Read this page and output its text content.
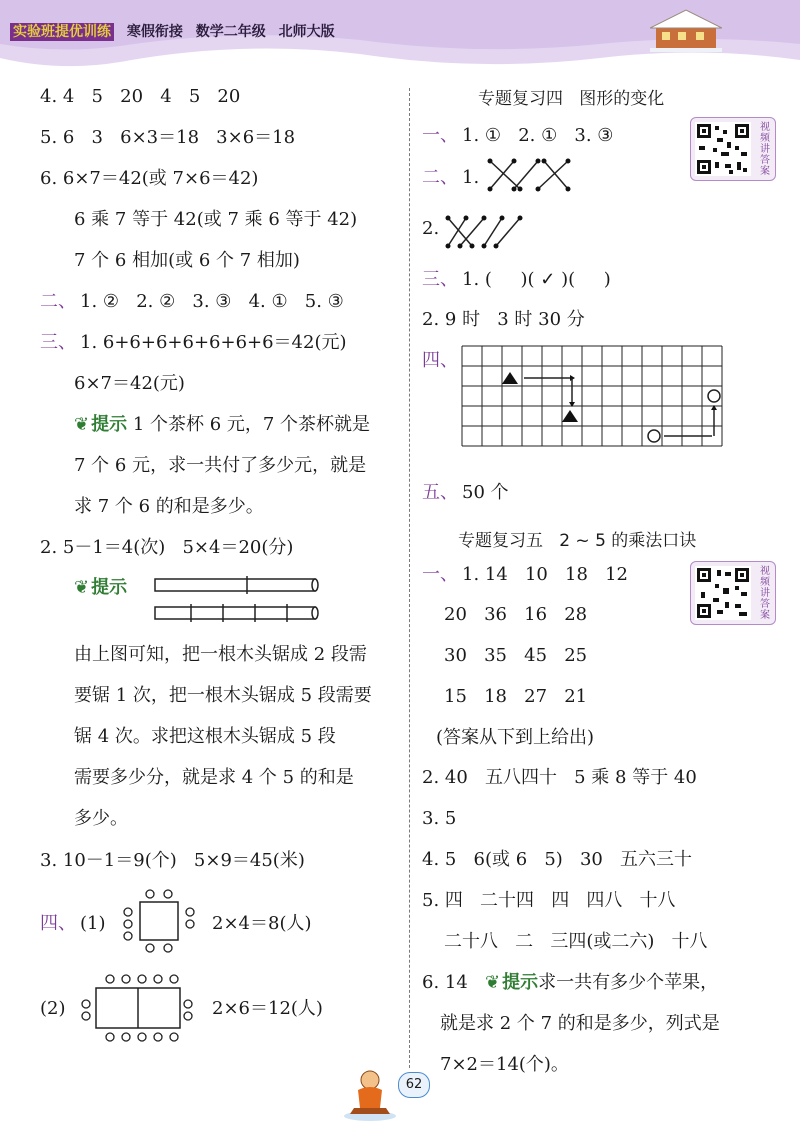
实验班提优训练 寒假衔接 数学二年级 北师大版
4. 4   5   20   4   5   20
5. 6   3   6×3＝18   3×6＝18
6. 6×7＝42(或 7×6＝42)
6 乘 7 等于 42(或 7 乘 6 等于 42)
7 个 6 相加(或 6 个 7 相加)
二、 1. ②   2. ②   3. ③   4. ①   5. ③
三、 1. 6+6+6+6+6+6+6＝42(元)
6×7＝42(元)
❦ 提示 1 个茶杯 6 元，7 个茶杯就是
7 个 6 元，求一共付了多少元，就是
求 7 个 6 的和是多少。
2. 5－1＝4(次)   5×4＝20(分)
❦ 提示
由上图可知，把一根木头锯成 2 段需
要锯 1 次，把一根木头锯成 5 段需要
锯 4 次。求把这根木头锯成 5 段
需要多少分，就是求 4 个 5 的和是
多少。
3. 10－1＝9(个)   5×9＝45(米)
四、 (1)	2×4＝8(人)
(2)	2×6＝12(人)
专题复习四   图形的变化
视频讲答案
一、 1. ①   2. ①   3. ③
二、 1.
2.
三、 1. (     )( ✓ )(     )
2. 9 时   3 时 30 分
四、
五、 50 个
专题复习五   2 ~ 5 的乘法口诀
视频讲答案
一、 1. 14   10   18   12
20   36   16   28
30   35   45   25
15   18   27   21
(答案从下到上给出)
2. 40   五八四十   5 乘 8 等于 40
3. 5
4. 5   6(或 6   5)   30   五六三十
5. 四   二十四   四   四八   十八
二十八   二   三四(或二六)   十八
6. 14 ❦ 提示求一共有多少个苹果，
就是求 2 个 7 的和是多少，列式是
7×2＝14(个)。
62
